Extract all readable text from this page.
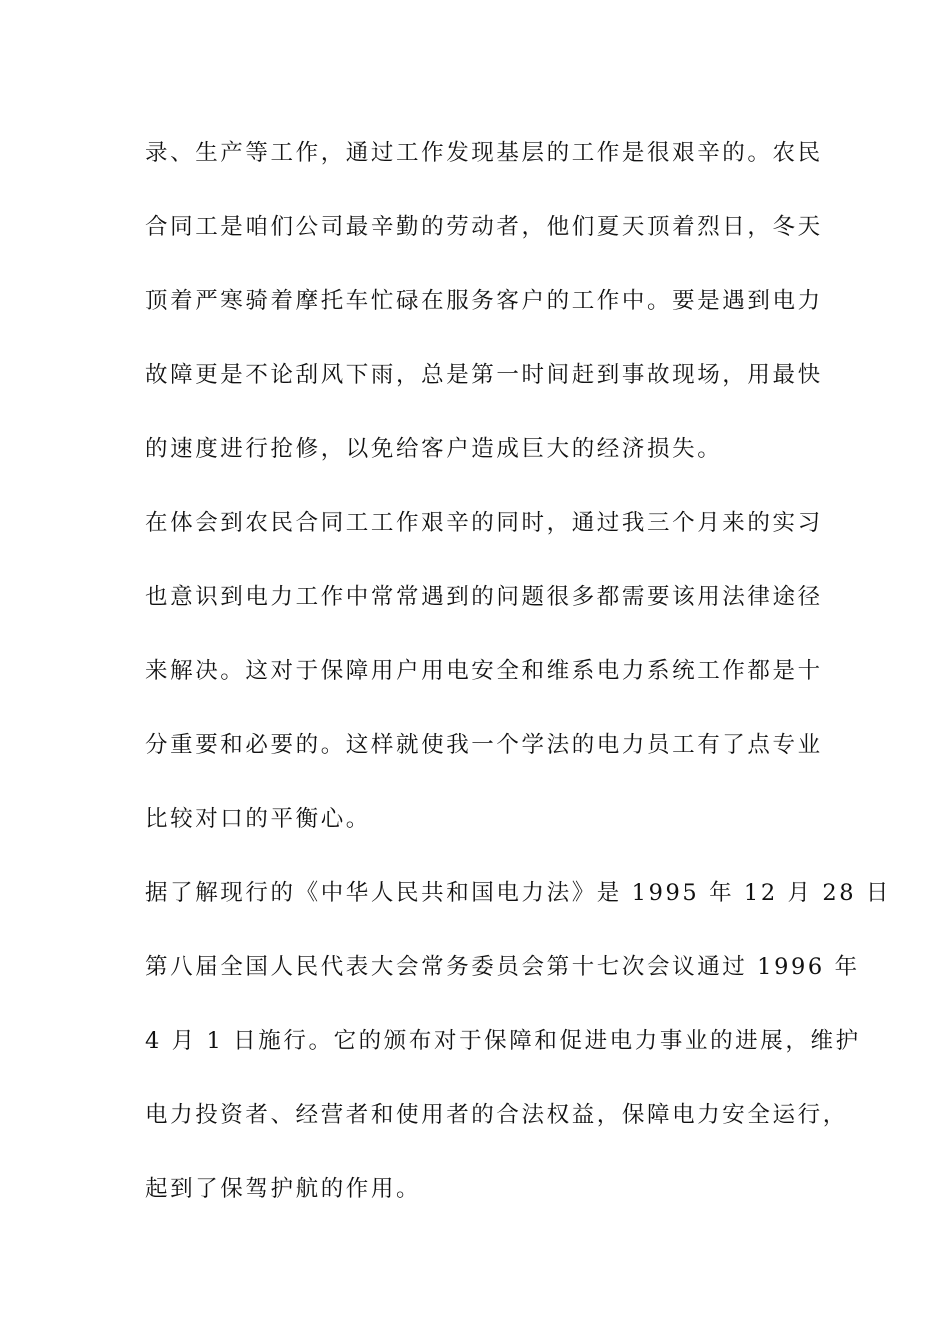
录、生产等工作，通过工作发现基层的工作是很艰辛的。农民
合同工是咱们公司最辛勤的劳动者，他们夏天顶着烈日，冬天
顶着严寒骑着摩托车忙碌在服务客户的工作中。要是遇到电力
故障更是不论刮风下雨，总是第一时间赶到事故现场，用最快
的速度进行抢修，以免给客户造成巨大的经济损失。
在体会到农民合同工工作艰辛的同时，通过我三个月来的实习
也意识到电力工作中常常遇到的问题很多都需要该用法律途径
来解决。这对于保障用户用电安全和维系电力系统工作都是十
分重要和必要的。这样就使我一个学法的电力员工有了点专业
比较对口的平衡心。
据了解现行的《中华人民共和国电力法》是 1995 年 12 月 28 日
第八届全国人民代表大会常务委员会第十七次会议通过 1996 年
4 月 1 日施行。它的颁布对于保障和促进电力事业的进展，维护
电力投资者、经营者和使用者的合法权益，保障电力安全运行，
起到了保驾护航的作用。
